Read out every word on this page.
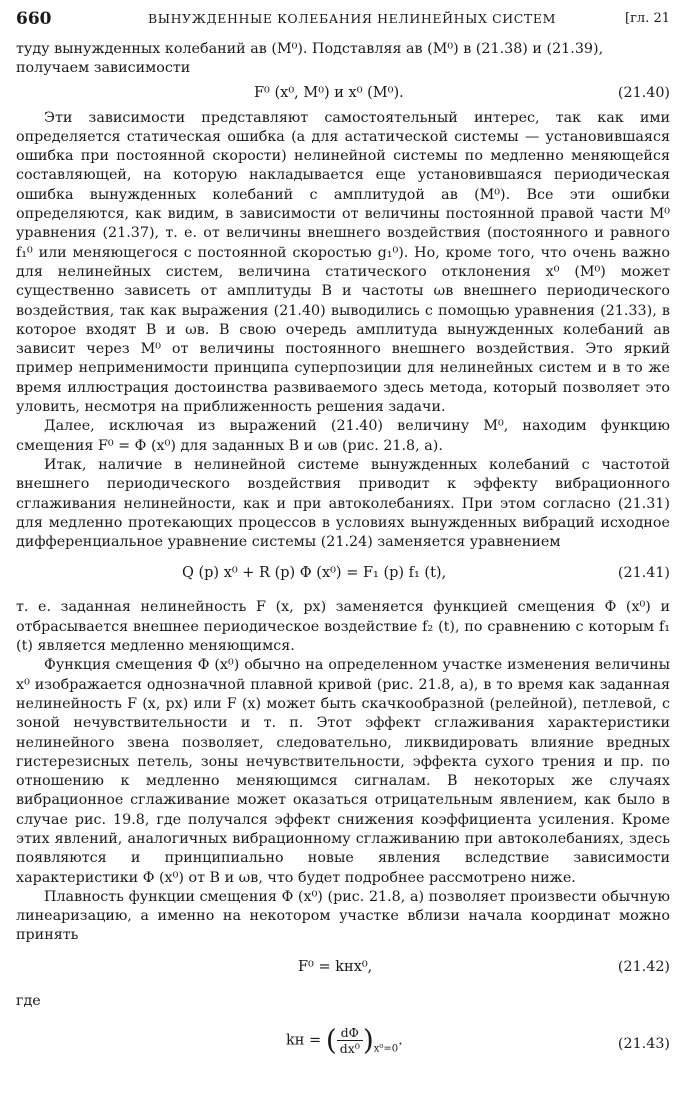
660	ВЫНУЖДЕННЫЕ КОЛЕБАНИЯ НЕЛИНЕЙНЫХ СИСТЕМ	[гл. 21

туду вынужденных колебаний aв (M⁰). Подставляя aв (M⁰) в (21.38) и (21.39),

получаем зависимости

F⁰ (x⁰, M⁰) и x⁰ (M⁰).	(21.40)

Эти зависимости представляют самостоятельный интерес, так как ими определяется статическая ошибка (а для астатической системы — установившаяся ошибка при постоянной скорости) нелинейной системы по медленно меняющейся составляющей, на которую накладывается еще установившаяся периодическая ошибка вынужденных колебаний с амплитудой aв (M⁰). Все эти ошибки определяются, как видим, в зависимости от величины постоянной правой части M⁰ уравнения (21.37), т. е. от величины внешнего воздействия (постоянного и равного f₁⁰ или меняющегося с постоянной скоростью g₁⁰). Но, кроме того, что очень важно для нелинейных систем, величина статического отклонения x⁰ (M⁰) может существенно зависеть от амплитуды B и частоты ωв внешнего периодического воздействия, так как выражения (21.40) выводились с помощью уравнения (21.33), в которое входят B и ωв. В свою очередь амплитуда вынужденных колебаний aв зависит через M⁰ от величины постоянного внешнего воздействия. Это яркий пример неприменимости принципа суперпозиции для нелинейных систем и в то же время иллюстрация достоинства развиваемого здесь метода, который позволяет это уловить, несмотря на приближенность решения задачи.

Далее, исключая из выражений (21.40) величину M⁰, находим функцию смещения F⁰ = Φ (x⁰) для заданных B и ωв (рис. 21.8, a).

Итак, наличие в нелинейной системе вынужденных колебаний с частотой внешнего периодического воздействия приводит к эффекту вибрационного сглаживания нелинейности, как и при автоколебаниях. При этом согласно (21.31) для медленно протекающих процессов в условиях вынужденных вибраций исходное дифференциальное уравнение системы (21.24) заменяется уравнением

Q (p) x⁰ + R (p) Φ (x⁰) = F₁ (p) f₁ (t),	(21.41)

т. е. заданная нелинейность F (x, px) заменяется функцией смещения Φ (x⁰) и отбрасывается внешнее периодическое воздействие f₂ (t), по сравнению с которым f₁ (t) является медленно меняющимся.

Функция смещения Φ (x⁰) обычно на определенном участке изменения величины x⁰ изображается однозначной плавной кривой (рис. 21.8, a), в то время как заданная нелинейность F (x, px) или F (x) может быть скачкообразной (релейной), петлевой, с зоной нечувствительности и т. п. Этот эффект сглаживания характеристики нелинейного звена позволяет, следовательно, ликвидировать влияние вредных гистерезисных петель, зоны нечувствительности, эффекта сухого трения и пр. по отношению к медленно меняющимся сигналам. В некоторых же случаях вибрационное сглаживание может оказаться отрицательным явлением, как было в случае рис. 19.8, где получался эффект снижения коэффициента усиления. Кроме этих явлений, аналогичных вибрационному сглаживанию при автоколебаниях, здесь появляются и принципиально новые явления вследствие зависимости характеристики Φ (x⁰) от B и ωв, что будет подробнее рассмотрено ниже.

Плавность функции смещения Φ (x⁰) (рис. 21.8, a) позволяет произвести обычную линеаризацию, а именно на некотором участке вблизи начала координат можно принять

F⁰ = kнx⁰,	(21.42)

где

kн = ( $\frac{d\Phi}{\text{dx⁰}} )_{x^0=0}$.	(21.43)
